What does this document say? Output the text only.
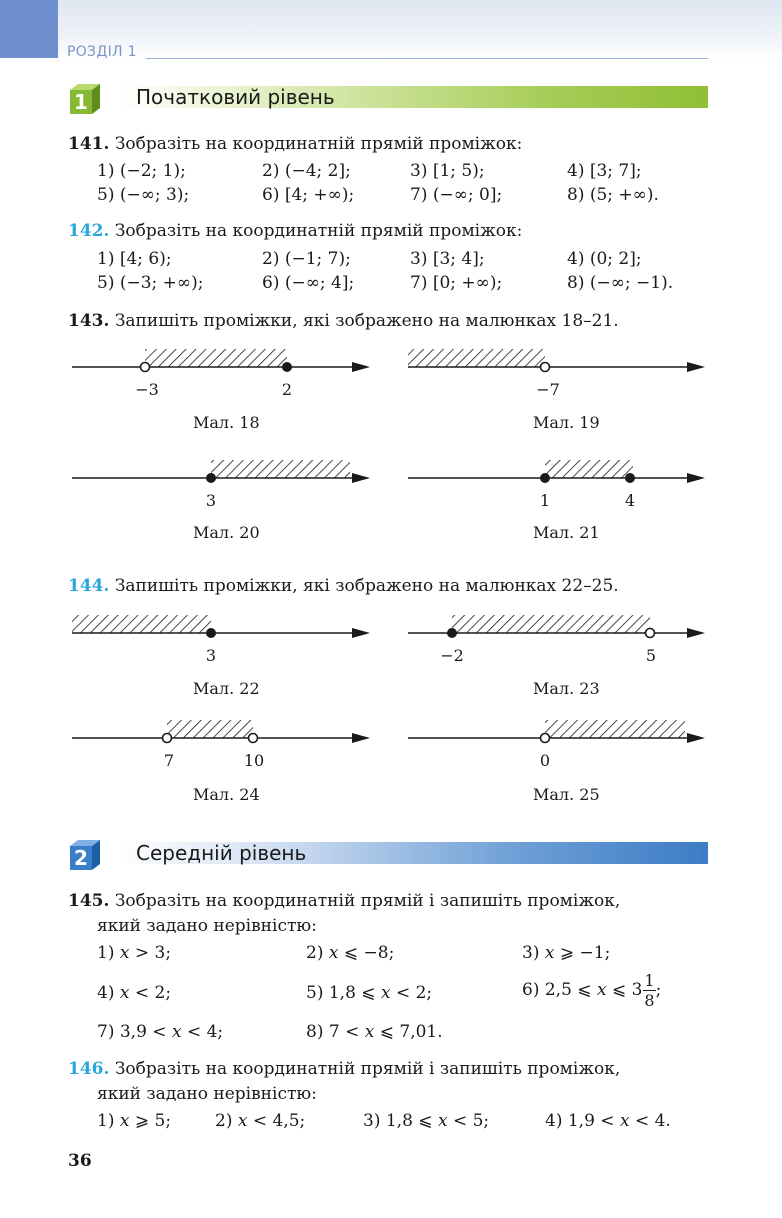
РОЗДІЛ 1
1 Початковий рівень
141. Зобразіть на координатній прямій проміжок:
1) (−2; 1);	2) (−4; 2];	3) [1; 5);	4) [3; 7];
5) (−∞; 3);	6) [4; +∞);	7) (−∞; 0];	8) (5; +∞).
142. Зобразіть на координатній прямій проміжок:
1) [4; 6);	2) (−1; 7);	3) [3; 4];	4) (0; 2];
5) (−3; +∞);	6) (−∞; 4];	7) [0; +∞);	8) (−∞; −1).
143. Запишіть проміжки, які зображено на малюнках 18–21.
−3	2	−7
3	1	4
3	−2	5
7	10	0
Мал. 18	Мал. 19
Мал. 20	Мал. 21
144. Запишіть проміжки, які зображено на малюнках 22–25.
Мал. 22	Мал. 23
Мал. 24	Мал. 25
2 Середній рівень
145. Зобразіть на координатній прямій і запишіть проміжок,
який задано нерівністю:
1) x > 3;	2) x ⩽ −8;	3) x ⩾ −1;
4) x < 2;	5) 1,8 ⩽ x < 2;	6) 2,5 ⩽ x ⩽ $3 \frac{1}{8}$ ;
7) 3,9 < x < 4;	8) 7 < x ⩽ 7,01.
146. Зобразіть на координатній прямій і запишіть проміжок,
який задано нерівністю:
1) x ⩾ 5;	2) x < 4,5;	3) 1,8 ⩽ x < 5;	4) 1,9 < x < 4.
36
